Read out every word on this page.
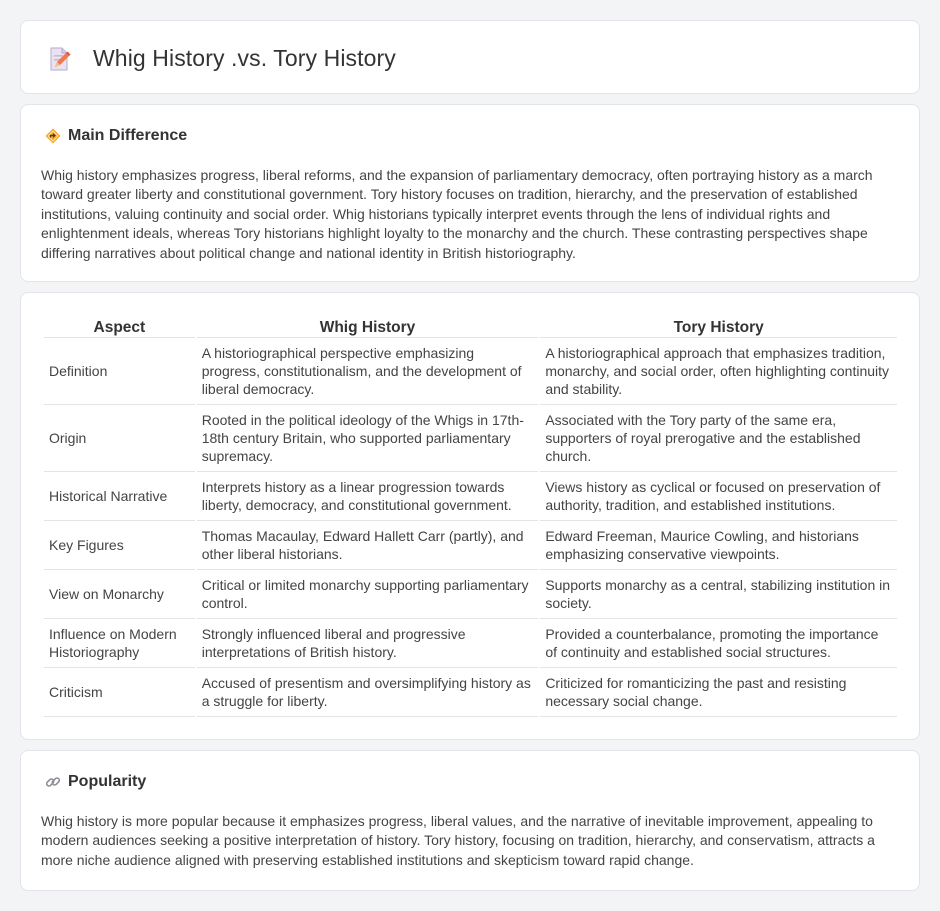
Whig History .vs. Tory History
Main Difference

Whig history emphasizes progress, liberal reforms, and the expansion of parliamentary democracy, often portraying history as a march toward greater liberty and constitutional government. Tory history focuses on tradition, hierarchy, and the preservation of established institutions, valuing continuity and social order. Whig historians typically interpret events through the lens of individual rights and enlightenment ideals, whereas Tory historians highlight loyalty to the monarchy and the church. These contrasting perspectives shape differing narratives about political change and national identity in British historiography.

Aspect	Whig History	Tory History
Definition	A historiographical perspective emphasizing progress, constitutionalism, and the development of liberal democracy.	A historiographical approach that emphasizes tradition, monarchy, and social order, often highlighting continuity and stability.
Origin	Rooted in the political ideology of the Whigs in 17th-18th century Britain, who supported parliamentary supremacy.	Associated with the Tory party of the same era, supporters of royal prerogative and the established church.
Historical Narrative	Interprets history as a linear progression towards liberty, democracy, and constitutional government.	Views history as cyclical or focused on preservation of authority, tradition, and established institutions.
Key Figures	Thomas Macaulay, Edward Hallett Carr (partly), and other liberal historians.	Edward Freeman, Maurice Cowling, and historians emphasizing conservative viewpoints.
View on Monarchy	Critical or limited monarchy supporting parliamentary control.	Supports monarchy as a central, stabilizing institution in society.
Influence on Modern Historiography	Strongly influenced liberal and progressive interpretations of British history.	Provided a counterbalance, promoting the importance of continuity and established social structures.
Criticism	Accused of presentism and oversimplifying history as a struggle for liberty.	Criticized for romanticizing the past and resisting necessary social change.
Popularity

Whig history is more popular because it emphasizes progress, liberal values, and the narrative of inevitable improvement, appealing to modern audiences seeking a positive interpretation of history. Tory history, focusing on tradition, hierarchy, and conservatism, attracts a more niche audience aligned with preserving established institutions and skepticism toward rapid change.
